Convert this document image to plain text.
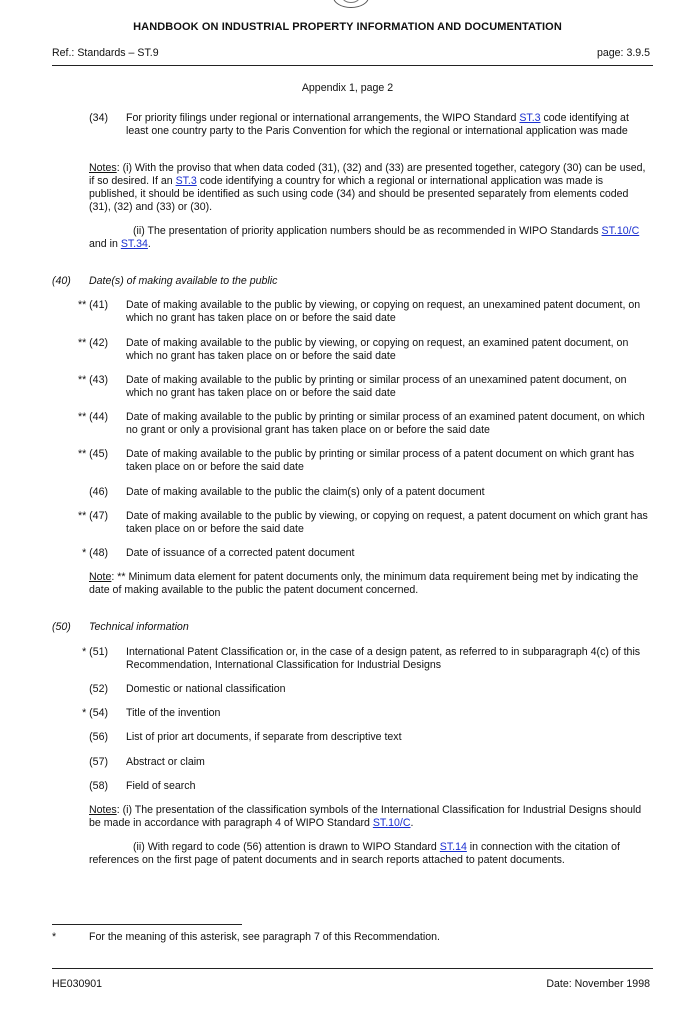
HANDBOOK ON INDUSTRIAL PROPERTY INFORMATION AND DOCUMENTATION
Ref.: Standards – ST.9	page: 3.9.5
Appendix 1, page 2
(34) For priority filings under regional or international arrangements, the WIPO Standard ST.3 code identifying at least one country party to the Paris Convention for which the regional or international application was made
Notes: (i) With the proviso that when data coded (31), (32) and (33) are presented together, category (30) can be used, if so desired. If an ST.3 code identifying a country for which a regional or international application was made is published, it should be identified as such using code (34) and should be presented separately from elements coded (31), (32) and (33) or (30).
(ii) The presentation of priority application numbers should be as recommended in WIPO Standards ST.10/C and in ST.34.
(40) Date(s) of making available to the public
** (41) Date of making available to the public by viewing, or copying on request, an unexamined patent document, on which no grant has taken place on or before the said date
** (42) Date of making available to the public by viewing, or copying on request, an examined patent document, on which no grant has taken place on or before the said date
** (43) Date of making available to the public by printing or similar process of an unexamined patent document, on which no grant has taken place on or before the said date
** (44) Date of making available to the public by printing or similar process of an examined patent document, on which no grant or only a provisional grant has taken place on or before the said date
** (45) Date of making available to the public by printing or similar process of a patent document on which grant has taken place on or before the said date
(46) Date of making available to the public the claim(s) only of a patent document
** (47) Date of making available to the public by viewing, or copying on request, a patent document on which grant has taken place on or before the said date
* (48) Date of issuance of a corrected patent document
Note: ** Minimum data element for patent documents only, the minimum data requirement being met by indicating the date of making available to the public the patent document concerned.
(50) Technical information
* (51) International Patent Classification or, in the case of a design patent, as referred to in subparagraph 4(c) of this Recommendation, International Classification for Industrial Designs
(52) Domestic or national classification
* (54) Title of the invention
(56) List of prior art documents, if separate from descriptive text
(57) Abstract or claim
(58) Field of search
Notes: (i) The presentation of the classification symbols of the International Classification for Industrial Designs should be made in accordance with paragraph 4 of WIPO Standard ST.10/C.
(ii) With regard to code (56) attention is drawn to WIPO Standard ST.14 in connection with the citation of references on the first page of patent documents and in search reports attached to patent documents.
*	For the meaning of this asterisk, see paragraph 7 of this Recommendation.
HE030901	Date: November 1998
